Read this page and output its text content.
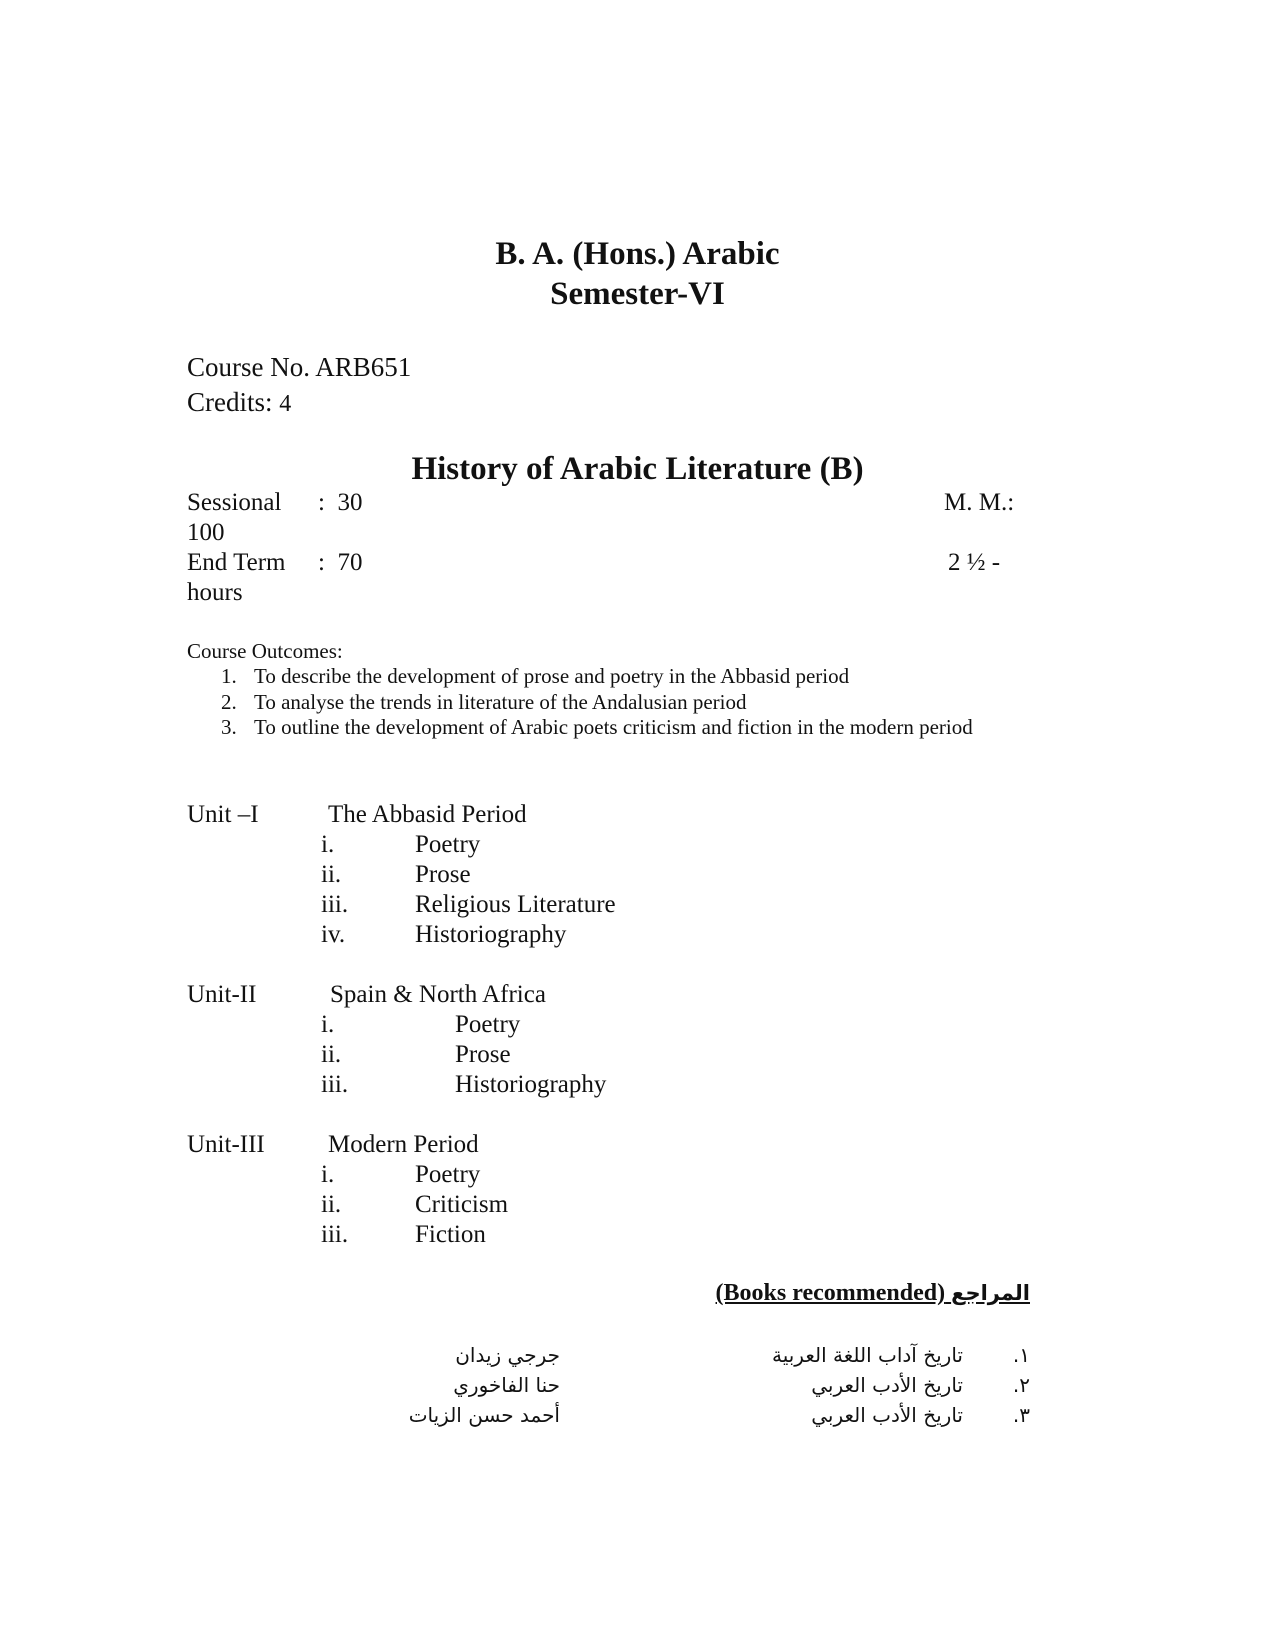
B. A. (Hons.) Arabic
Semester-VI
Course No. ARB651
Credits: 4
History of Arabic Literature (B)
Sessional :  30	M. M.:
100
End Term :  70	2 ½ -
hours
Course Outcomes:
1. To describe the development of prose and poetry in the Abbasid period
2. To analyse the trends in literature of the Andalusian period
3. To outline the development of Arabic poets criticism and fiction in the modern period
Unit –I	The Abbasid Period
i.	Poetry
ii.	Prose
iii.	Religious Literature
iv.	Historiography
Unit-II	Spain & North Africa
i.	Poetry
ii.	Prose
iii.	Historiography
Unit-III	Modern Period
i.	Poetry
ii.	Criticism
iii.	Fiction
(Books recommended) المراجع
١.
تاريخ آداب اللغة العربية
جرجي زيدان
٢.
تاريخ الأدب العربي
حنا الفاخوري
٣.
تاريخ الأدب العربي
أحمد حسن الزيات
